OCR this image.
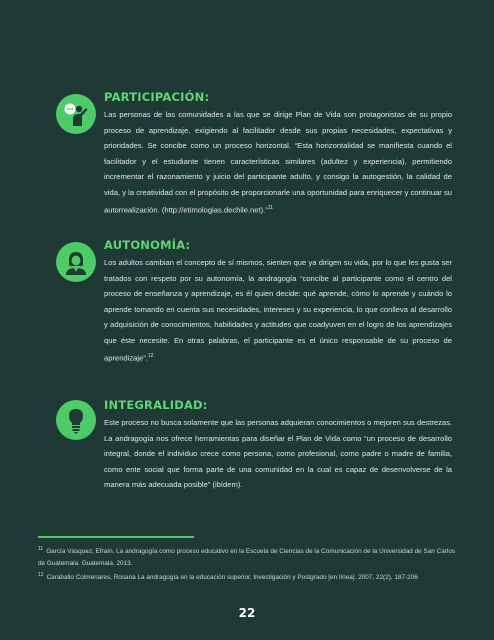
PARTICIPACIÓN:

Las personas de las comunidades a las que se dirige Plan de Vida son protagonistas de su propio proceso de aprendizaje, exigiendo al facilitador desde sus propias necesidades, expectativas y prioridades. Se concibe como un proceso horizontal. “Esta horizontalidad se manifiesta cuando el facilitador y el estudiante tienen características similares (adultez y experiencia), permitiendo incrementar el razonamiento y juicio del participante adulto, y consigo la autogestión, la calidad de vida, y la creatividad con el propósito de proporcionarle una oportunidad para enriquecer y continuar su autorrealización. (http://etimologias.dechile.net).”$^{11}$

AUTONOMÍA:

Los adultos cambian el concepto de sí mismos, sienten que ya dirigen su vida, por lo que les gusta ser tratados con respeto por su autonomía, la andragogía “concibe al participante como el centro del proceso de enseñanza y aprendizaje, es él quien decide: qué aprende, cómo lo aprende y cuándo lo aprende tomando en cuenta sus necesidades, intereses y su experiencia, lo que conlleva al desarrollo y adquisición de conocimientos, habilidades y actitudes que coadyuven en el logro de los aprendizajes que éste necesite. En otras palabras, el participante es el único responsable de su proceso de aprendizaje”.$^{12}$

INTEGRALIDAD:

Este proceso no busca solamente que las personas adquieran conocimientos o mejoren sus destrezas. La andragogía nos ofrece herramientas para diseñar el Plan de Vida como “un proceso de desarrollo integral, donde el individuo crece como persona, como profesional, como padre o madre de familia, como ente social que forma parte de una comunidad en la cual es capaz de desenvolverse de la manera más adecuada posible” (ibídem).

$^{11}$ García Vásquez, Efraín. La andragogía como proceso educativo en la Escuela de Ciencias de la Comunicación de la Universidad de San Carlos de Guatemala. Guatemala. 2013.

$^{12}$ Caraballo Colmenares, Rosana La andragogía en la educación superior. Investigación y Postgrado [en línea]. 2007, 22(2), 187-206

22
